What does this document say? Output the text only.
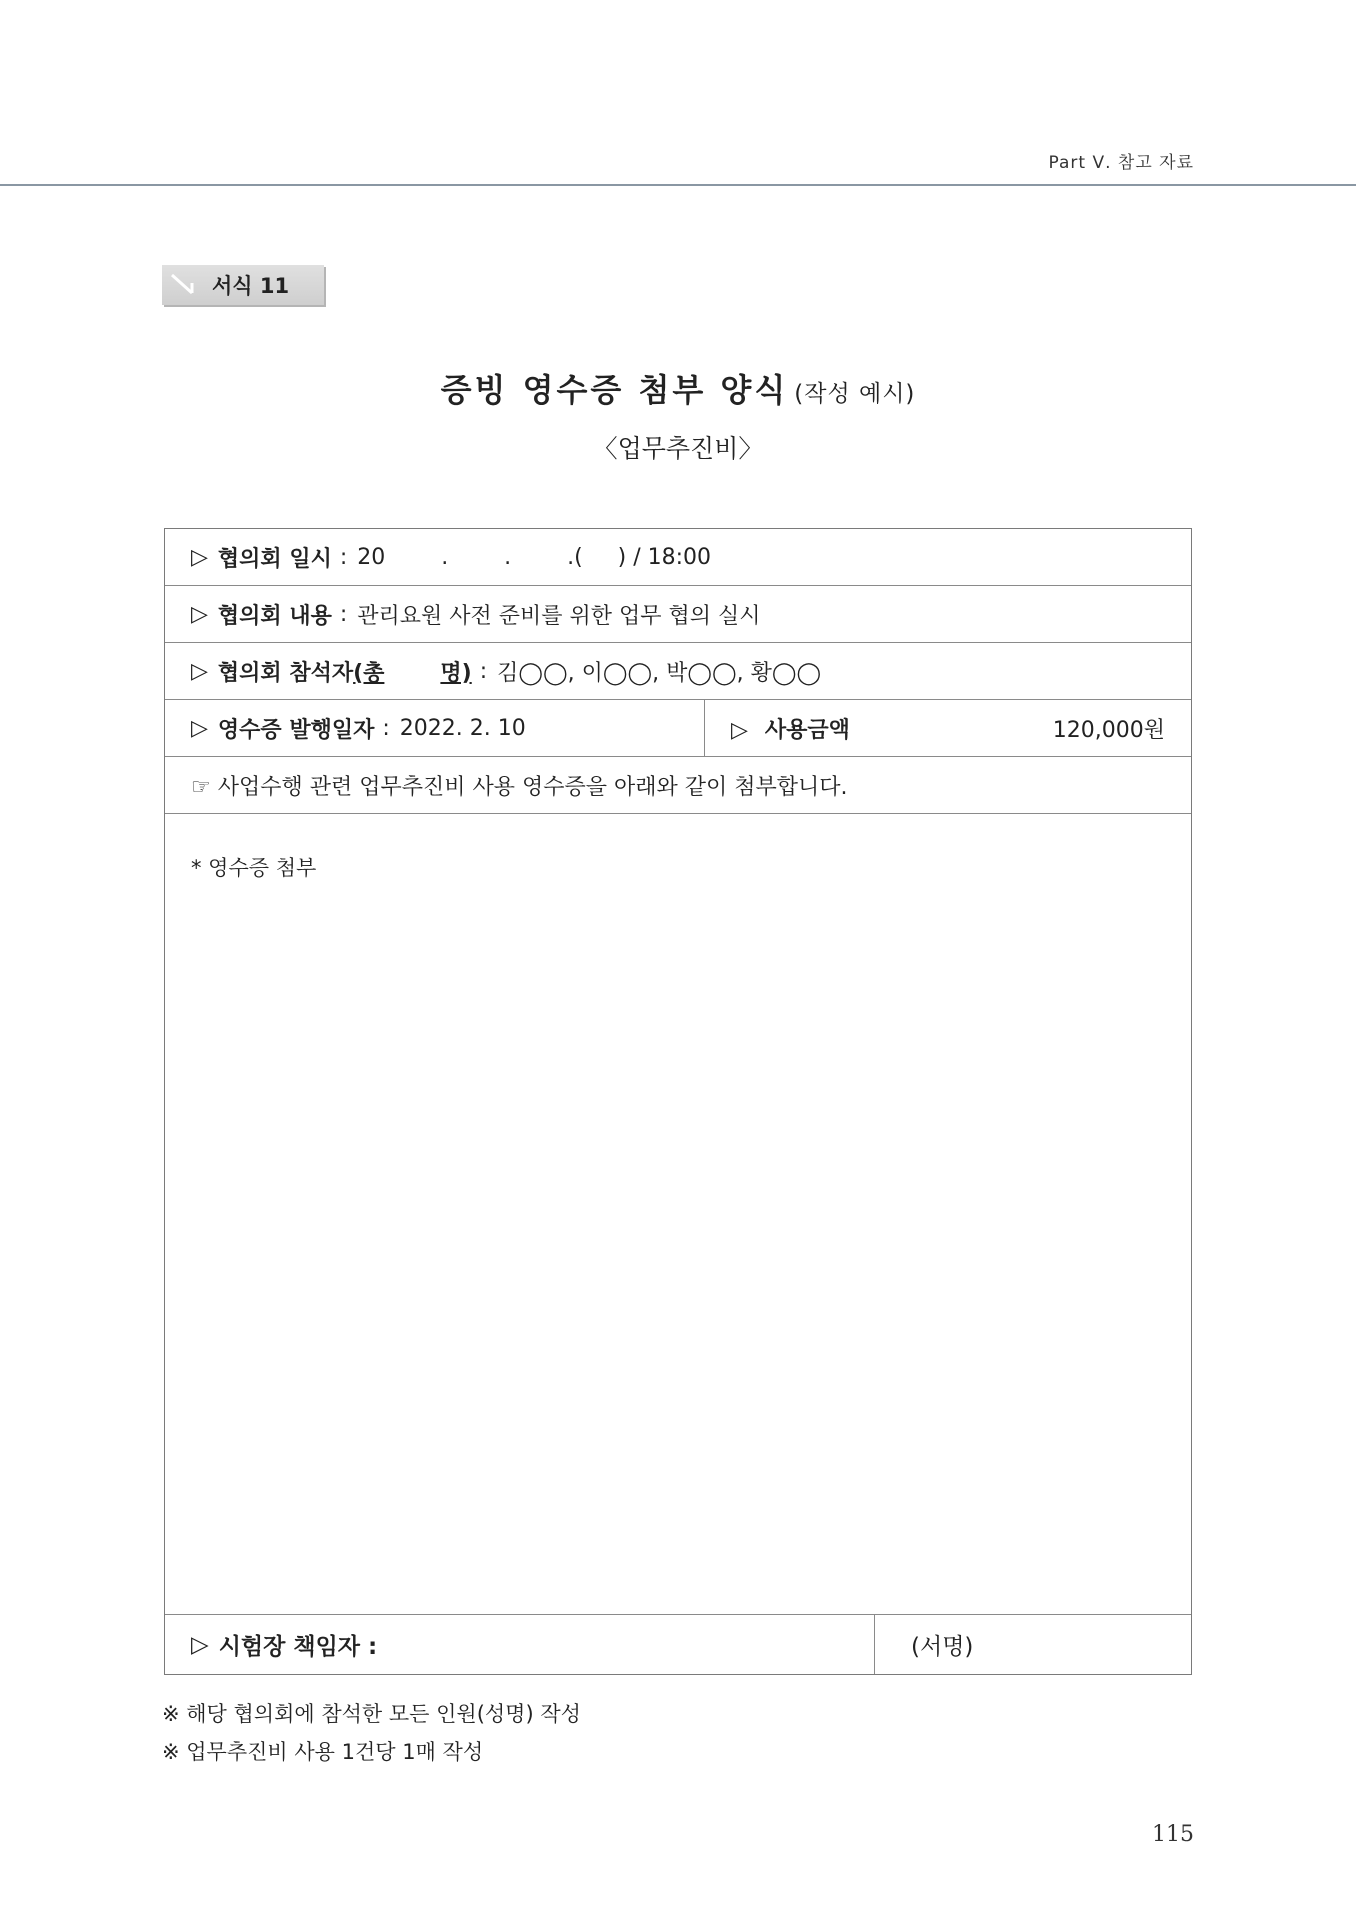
Part Ⅴ. 참고 자료
서식 11
증빙 영수증 첨부 양식 (작성 예시)
〈업무추진비〉
▷ 협의회 일시 : 20        .        .        .(     ) / 18:00
▷ 협의회 내용 : 관리요원 사전 준비를 위한 업무 협의 실시
▷ 협의회 참석자(총	명) : 김◯◯, 이◯◯, 박◯◯, 황◯◯
▷ 영수증 발행일자 : 2022. 2. 10	▷ 사용금액	120,000원
☞ 사업수행 관련 업무추진비 사용 영수증을 아래와 같이 첨부합니다.
* 영수증 첨부
▷ 시험장 책임자 :	(서명)
※ 해당 협의회에 참석한 모든 인원(성명) 작성
※ 업무추진비 사용 1건당 1매 작성
115
